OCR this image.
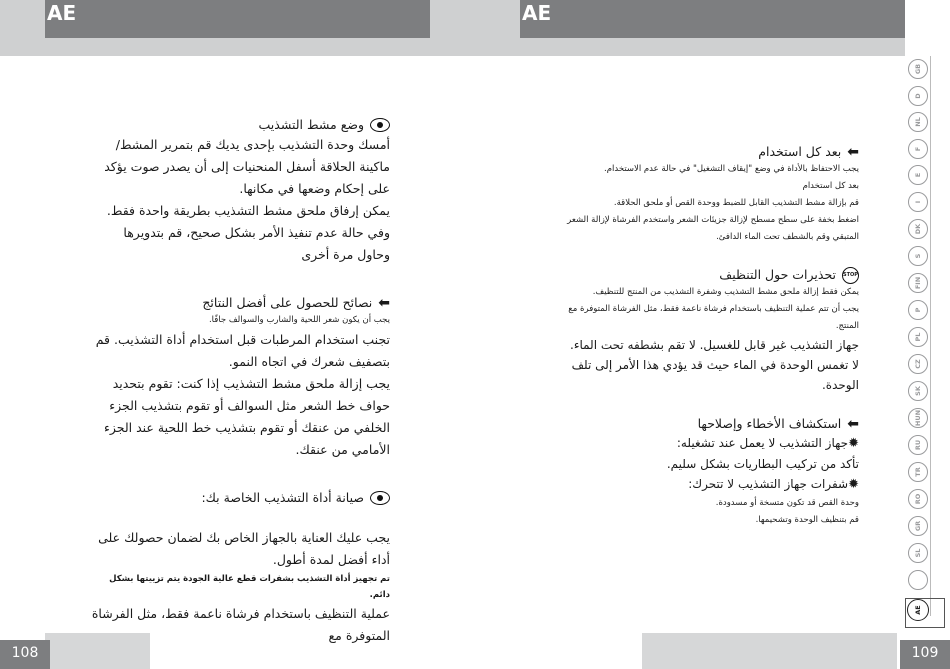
AE	AE
وضع مشط التشذيب
أمسك وحدة التشذيب بإحدى يديك قم بتمرير المشط/ماكينة الحلاقة أسفل المنحنيات إلى أن يصدر صوت يؤكد على إحكام وضعها في مكانها.
يمكن إرفاق ملحق مشط التشذيب بطريقة واحدة فقط. وفي حالة عدم تنفيذ الأمر بشكل صحيح، قم بتدويرها وحاول مرة أخرى
⬅
نصائح للحصول على أفضل النتائج
يجب أن يكون شعر اللحية والشارب والسوالف جافًا.
تجنب استخدام المرطبات قبل استخدام أداة التشذيب. قم بتصفيف شعرك في اتجاه النمو.
يجب إزالة ملحق مشط التشذيب إذا كنت: تقوم بتحديد حواف خط الشعر مثل السوالف أو تقوم بتشذيب الجزء الخلفي من عنقك أو تقوم بتشذيب خط اللحية عند الجزء الأمامي من عنقك.
صيانة أداة التشذيب الخاصة بك:
يجب عليك العناية بالجهاز الخاص بك لضمان حصولك على أداء أفضل لمدة أطول.
تم تجهيز أداة التشذيب بشفرات قطع عالية الجودة يتم تزييتها بشكل دائم.
عملية التنظيف باستخدام فرشاة ناعمة فقط، مثل الفرشاة المتوفرة مع
⬅
بعد كل استخدام
يجب الاحتفاظ بالأداة في وضع "إيقاف التشغيل" في حالة عدم الاستخدام.
بعد كل استخدام
قم بإزالة مشط التشذيب القابل للضبط ووحدة القص أو ملحق الحلاقة.
اضغط بخفة على سطح مسطح لإزالة جزيئات الشعر واستخدم الفرشاة لإزالة الشعر المتبقي وقم بالشطف تحت الماء الدافئ.
STOP
تحذيرات حول التنظيف
يمكن فقط إزالة ملحق مشط التشذيب وشفرة التشذيب من المنتج للتنظيف.
يجب أن تتم عملية التنظيف باستخدام فرشاة ناعمة فقط، مثل الفرشاة المتوفرة مع المنتج.
جهاز التشذيب غير قابل للغسيل. لا تقم بشطفه تحت الماء.
لا تغمس الوحدة في الماء حيث قد يؤدي هذا الأمر إلى تلف الوحدة.
⬅
استكشاف الأخطاء وإصلاحها
✹جهاز التشذيب لا يعمل عند تشغيله:
تأكد من تركيب البطاريات بشكل سليم.
✹شفرات جهاز التشذيب لا تتحرك:
وحدة القص قد تكون متسخة أو مسدودة.
قم بتنظيف الوحدة وتشحيمها.
GB
D
NL
F
E
I
DK
S
FIN
P
PL
CZ
SK
HUN
RU
TR
RO
GR
SL
AE
108	109
